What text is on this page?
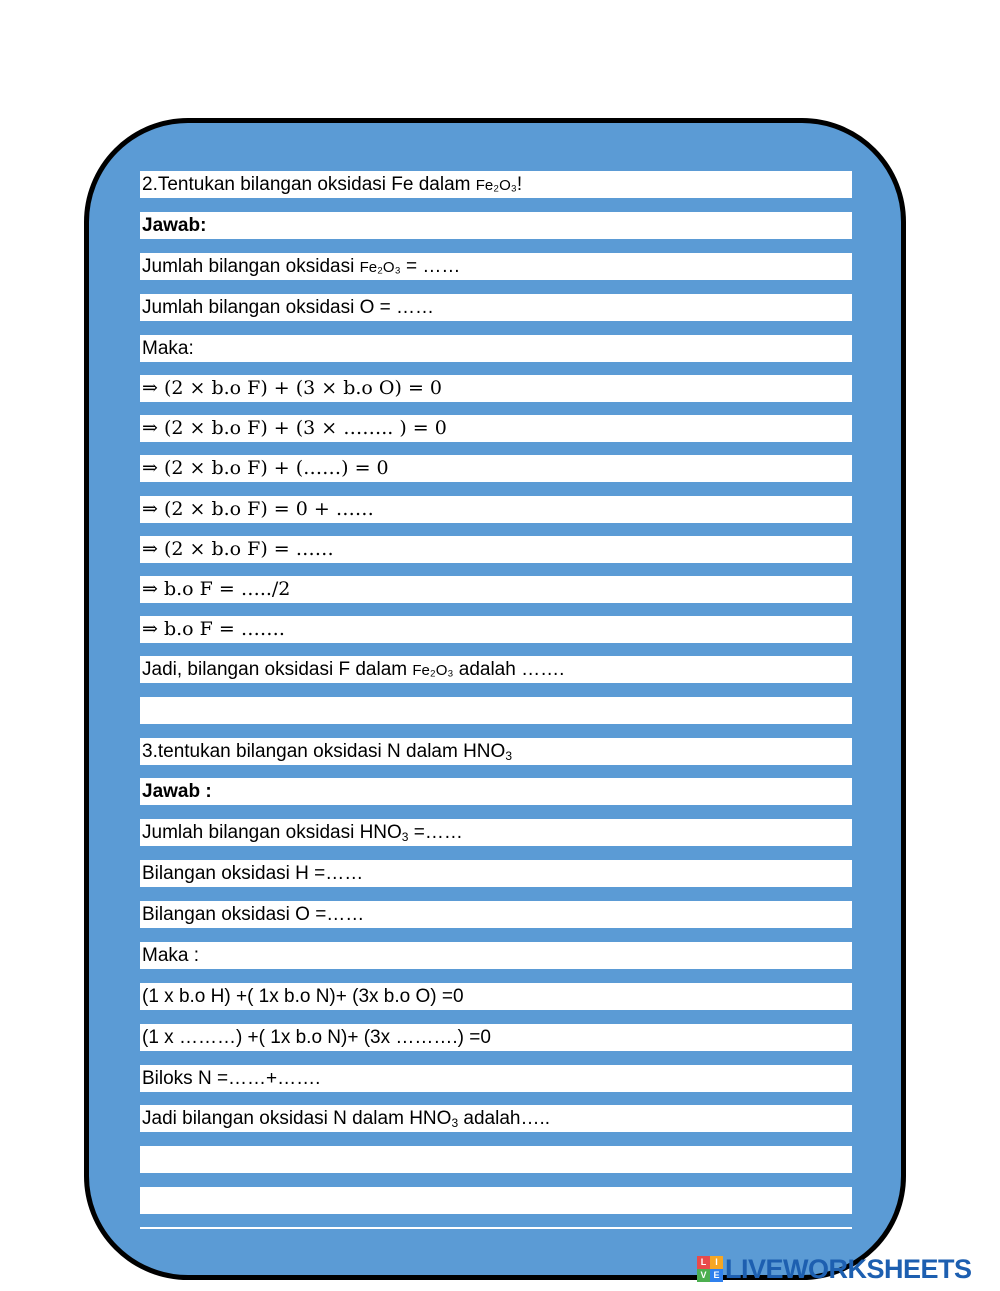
2.Tentukan bilangan oksidasi Fe dalam Fe₂O₃!
Jawab:
Jumlah bilangan oksidasi Fe₂O₃ = ……
Jumlah bilangan oksidasi O = ……
Maka:
⇒ (2 × b.o F) + (3 × b.o O) = 0
⇒ (2 × b.o F) + (3 × …….. ) = 0
⇒ (2 × b.o F) + (……) = 0
⇒ (2 × b.o F) = 0 + ……
⇒ (2 × b.o F) = ……
⇒ b.o F = …../2
⇒ b.o F = …….
Jadi, bilangan oksidasi F dalam Fe₂O₃ adalah …….
3.tentukan bilangan oksidasi N dalam $HNO_3$
Jawab :
Jumlah bilangan oksidasi $HNO_3$ =……
Bilangan oksidasi H =……
Bilangan oksidasi O =……
Maka :
(1 x b.o H) +( 1x b.o N)+ (3x b.o O) =0
(1 x ………) +( 1x b.o N)+ (3x ……….) =0
Biloks N =……+…….
Jadi bilangan oksidasi N dalam $HNO_3$ adalah…..
L I
V E LIVEWORKSHEETS
